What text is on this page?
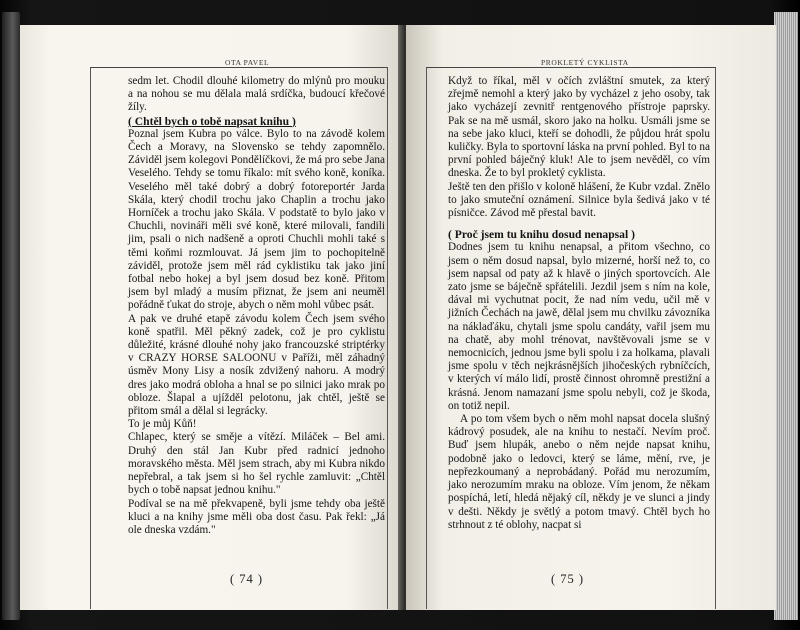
OTA PAVEL

sedm let. Chodil dlouhé kilometry do mlýnů pro mouku a na nohou se mu dělala malá srdíčka, budoucí křečové žíly.

( Chtěl bych o tobě napsat knihu )

Poznal jsem Kubra po válce. Bylo to na závodě kolem Čech a Moravy, na Slovensko se tehdy zapomnělo. Záviděl jsem kolegovi Pondělíčkovi, že má pro sebe Jana Veselého. Tehdy se tomu říkalo: mít svého koně, koníka. Veselého měl také dobrý a dobrý fotoreportér Jarda Skála, který chodil trochu jako Chaplin a trochu jako Horníček a trochu jako Skála. V podstatě to bylo jako v Chuchli, novináři měli své koně, které milovali, fandili jim, psali o nich nadšeně a oproti Chuchli mohli také s těmi koňmi rozmlouvat. Já jsem jim to pochopitelně záviděl, protože jsem měl rád cyklistiku tak jako jiní fotbal nebo hokej a byl jsem dosud bez koně. Přitom jsem byl mladý a musím přiznat, že jsem ani neuměl pořádně ťukat do stroje, abych o něm mohl vůbec psát.

A pak ve druhé etapě závodu kolem Čech jsem svého koně spatřil. Měl pěkný zadek, což je pro cyklistu důležité, krásné dlouhé nohy jako francouzské striptérky v CRAZY HORSE SALOONU v Paříži, měl záhadný úsměv Mony Lisy a nosík zdvižený nahoru. A modrý dres jako modrá obloha a hnal se po silnici jako mrak po obloze. Šlapal a ujížděl pelotonu, jak chtěl, ještě se přitom smál a dělal si legrácky.

To je můj Kůň!

Chlapec, který se směje a vítězí. Miláček – Bel ami. Druhý den stál Jan Kubr před radnicí jednoho moravského města. Měl jsem strach, aby mi Kubra nikdo nepřebral, a tak jsem si ho šel rychle zamluvit: „Chtěl bych o tobě napsat jednou knihu."

Podíval se na mě překvapeně, byli jsme tehdy oba ještě kluci a na knihy jsme měli oba dost času. Pak řekl: „Já ole dneska vzdám."

( 74 )
PROKLETÝ CYKLISTA

Když to říkal, měl v očích zvláštní smutek, za který zřejmě nemohl a který jako by vycházel z jeho osoby, tak jako vycházejí zevnitř rentgenového přístroje paprsky. Pak se na mě usmál, skoro jako na holku. Usmáli jsme se na sebe jako kluci, kteří se dohodli, že půjdou hrát spolu kuličky. Byla to sportovní láska na první pohled. Byl to na první pohled báječný kluk! Ale to jsem nevěděl, co vím dneska. Že to byl prokletý cyklista.

Ještě ten den přišlo v koloně hlášení, že Kubr vzdal. Znělo to jako smuteční oznámení. Silnice byla šedivá jako v té písničce. Závod mě přestal bavit.

( Proč jsem tu knihu dosud nenapsal )

Dodnes jsem tu knihu nenapsal, a přitom všechno, co jsem o něm dosud napsal, bylo mizerné, horší než to, co jsem napsal od paty až k hlavě o jiných sportovcích. Ale zato jsme se báječně spřátelili. Jezdil jsem s ním na kole, dával mi vychutnat pocit, že nad ním vedu, učil mě v jižních Čechách na jawě, dělal jsem mu chvilku závozníka na náklaďáku, chytali jsme spolu candáty, vařil jsem mu na chatě, aby mohl trénovat, navštěvovali jsme se v nemocnicích, jednou jsme byli spolu i za holkama, plavali jsme spolu v těch nejkrásnějších jihočeských rybníčcích, v kterých ví málo lidí, prostě činnost ohromně prestižní a krásná. Jenom namazaní jsme spolu nebyli, což je škoda, on totiž nepil.

A po tom všem bych o něm mohl napsat docela slušný kádrový posudek, ale na knihu to nestačí. Nevím proč. Buď jsem hlupák, anebo o něm nejde napsat knihu, podobně jako o ledovci, který se láme, mění, rve, je nepřezkoumaný a neprobádaný. Pořád mu nerozumím, jako nerozumím mraku na obloze. Vím jenom, že někam pospíchá, letí, hledá nějaký cíl, někdy je ve slunci a jindy v dešti. Někdy je světlý a potom tmavý. Chtěl bych ho strhnout z té oblohy, nacpat si

( 75 )
